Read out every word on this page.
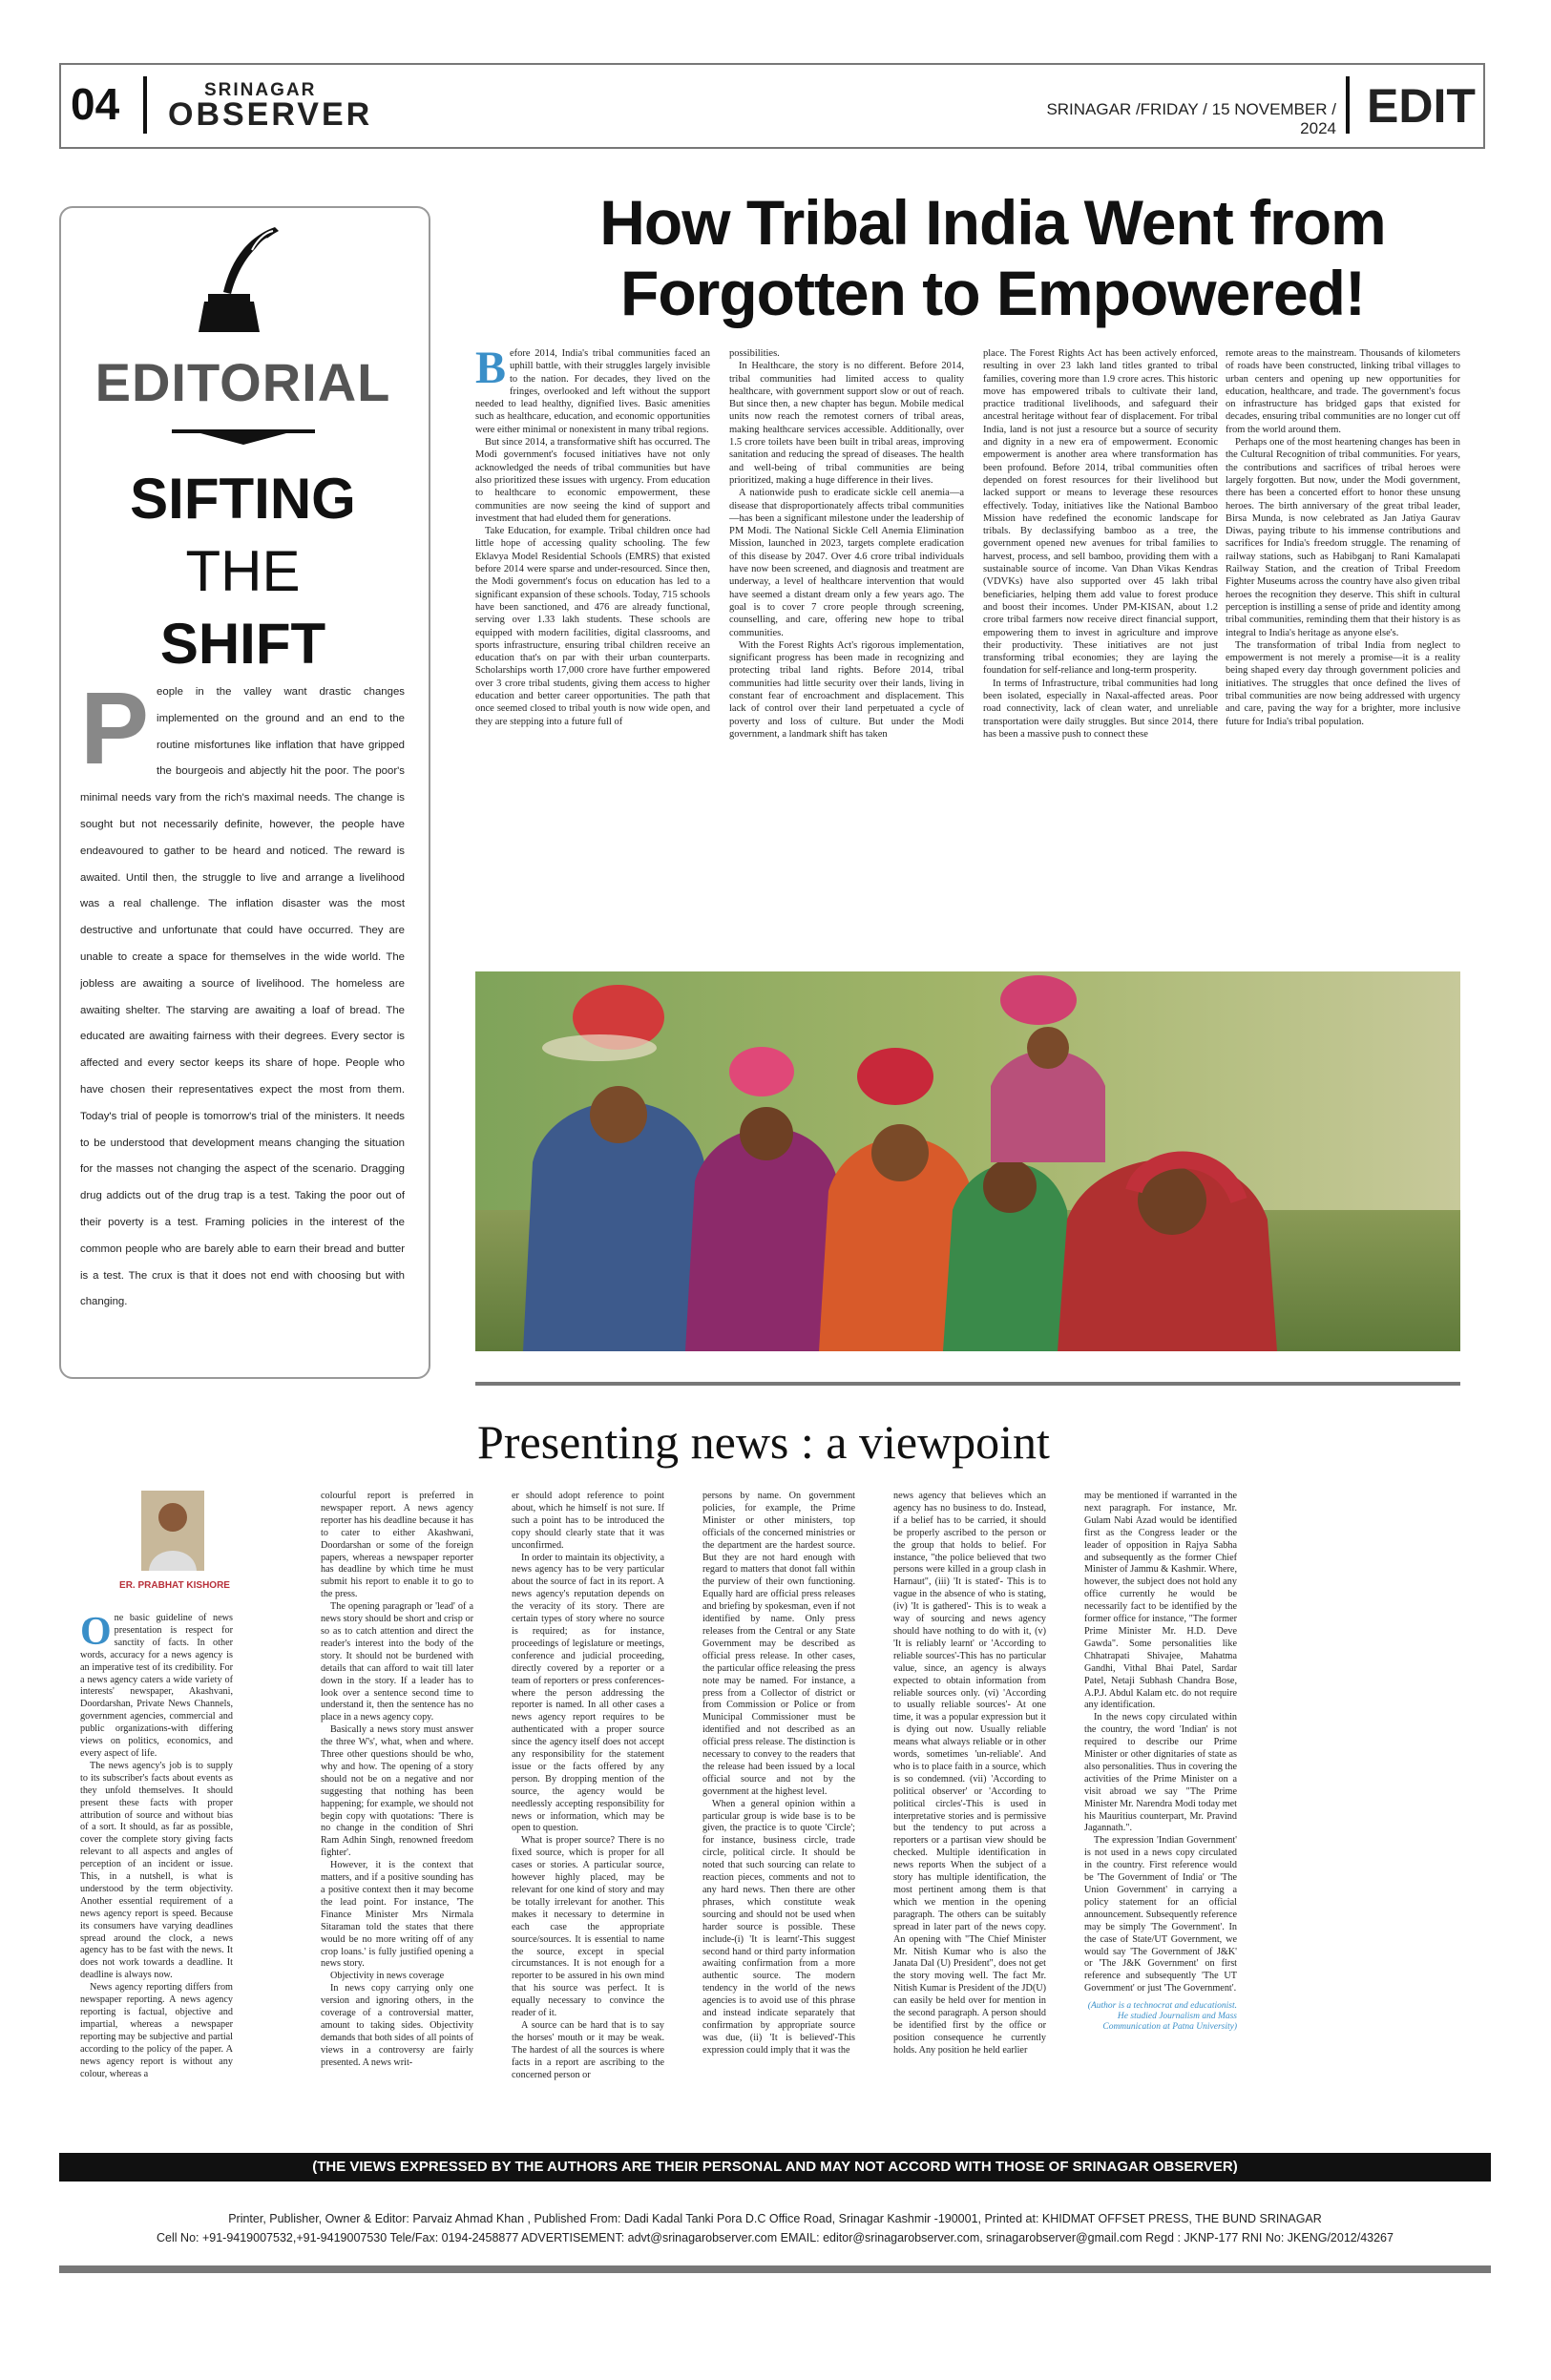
04	SRINAGAR
OBSERVER	SRINAGAR /FRIDAY / 15 NOVEMBER / 2024 EDIT
EDITORIAL
SIFTING
THE
SHIFT
People in the valley want drastic changes implemented on the ground and an end to the routine misfortunes like inflation that have gripped the bourgeois and abjectly hit the poor. The poor's minimal needs vary from the rich's maximal needs. The change is sought but not necessarily definite, however, the people have endeavoured to gather to be heard and noticed. The reward is awaited. Until then, the struggle to live and arrange a livelihood was a real challenge. The inflation disaster was the most destructive and unfortunate that could have occurred. They are unable to create a space for themselves in the wide world. The jobless are awaiting a source of livelihood. The homeless are awaiting shelter. The starving are awaiting a loaf of bread. The educated are awaiting fairness with their degrees. Every sector is affected and every sector keeps its share of hope. People who have chosen their representatives expect the most from them. Today's trial of people is tomorrow's trial of the ministers. It needs to be understood that development means changing the situation for the masses not changing the aspect of the scenario. Dragging drug addicts out of the drug trap is a test. Taking the poor out of their poverty is a test. Framing policies in the interest of the common people who are barely able to earn their bread and butter is a test. The crux is that it does not end with choosing but with changing.
How Tribal India Went from
Forgotten to Empowered!

Before 2014, India's tribal communities faced an uphill battle, with their struggles largely invisible to the nation. For decades, they lived on the fringes, overlooked and left without the support needed to lead healthy, dignified lives. Basic amenities such as healthcare, education, and economic opportunities were either minimal or nonexistent in many tribal regions.

But since 2014, a transformative shift has occurred. The Modi government's focused initiatives have not only acknowledged the needs of tribal communities but have also prioritized these issues with urgency. From education to healthcare to economic empowerment, these communities are now seeing the kind of support and investment that had eluded them for generations.

Take Education, for example. Tribal children once had little hope of accessing quality schooling. The few Eklavya Model Residential Schools (EMRS) that existed before 2014 were sparse and under-resourced. Since then, the Modi government's focus on education has led to a significant expansion of these schools. Today, 715 schools have been sanctioned, and 476 are already functional, serving over 1.33 lakh students. These schools are equipped with modern facilities, digital classrooms, and sports infrastructure, ensuring tribal children receive an education that's on par with their urban counterparts. Scholarships worth 17,000 crore have further empowered over 3 crore tribal students, giving them access to higher education and better career opportunities. The path that once seemed closed to tribal youth is now wide open, and they are stepping into a future full of

possibilities.

In Healthcare, the story is no different. Before 2014, tribal communities had limited access to quality healthcare, with government support slow or out of reach. But since then, a new chapter has begun. Mobile medical units now reach the remotest corners of tribal areas, making healthcare services accessible. Additionally, over 1.5 crore toilets have been built in tribal areas, improving sanitation and reducing the spread of diseases. The health and well-being of tribal communities are being prioritized, making a huge difference in their lives.

A nationwide push to eradicate sickle cell anemia—a disease that disproportionately affects tribal communities—has been a significant milestone under the leadership of PM Modi. The National Sickle Cell Anemia Elimination Mission, launched in 2023, targets complete eradication of this disease by 2047. Over 4.6 crore tribal individuals have now been screened, and diagnosis and treatment are underway, a level of healthcare intervention that would have seemed a distant dream only a few years ago. The goal is to cover 7 crore people through screening, counselling, and care, offering new hope to tribal communities.

With the Forest Rights Act's rigorous implementation, significant progress has been made in recognizing and protecting tribal land rights. Before 2014, tribal communities had little security over their lands, living in constant fear of encroachment and displacement. This lack of control over their land perpetuated a cycle of poverty and loss of culture. But under the Modi government, a landmark shift has taken

place. The Forest Rights Act has been actively enforced, resulting in over 23 lakh land titles granted to tribal families, covering more than 1.9 crore acres. This historic move has empowered tribals to cultivate their land, practice traditional livelihoods, and safeguard their ancestral heritage without fear of displacement. For tribal India, land is not just a resource but a source of security and dignity in a new era of empowerment. Economic empowerment is another area where transformation has been profound. Before 2014, tribal communities often depended on forest resources for their livelihood but lacked support or means to leverage these resources effectively. Today, initiatives like the National Bamboo Mission have redefined the economic landscape for tribals. By declassifying bamboo as a tree, the government opened new avenues for tribal families to harvest, process, and sell bamboo, providing them with a sustainable source of income. Van Dhan Vikas Kendras (VDVKs) have also supported over 45 lakh tribal beneficiaries, helping them add value to forest produce and boost their incomes. Under PM-KISAN, about 1.2 crore tribal farmers now receive direct financial support, empowering them to invest in agriculture and improve their productivity. These initiatives are not just transforming tribal economies; they are laying the foundation for self-reliance and long-term prosperity.

In terms of Infrastructure, tribal communities had long been isolated, especially in Naxal-affected areas. Poor road connectivity, lack of clean water, and unreliable transportation were daily struggles. But since 2014, there has been a massive push to connect these

remote areas to the mainstream. Thousands of kilometers of roads have been constructed, linking tribal villages to urban centers and opening up new opportunities for education, healthcare, and trade. The government's focus on infrastructure has bridged gaps that existed for decades, ensuring tribal communities are no longer cut off from the world around them.

Perhaps one of the most heartening changes has been in the Cultural Recognition of tribal communities. For years, the contributions and sacrifices of tribal heroes were largely forgotten. But now, under the Modi government, there has been a concerted effort to honor these unsung heroes. The birth anniversary of the great tribal leader, Birsa Munda, is now celebrated as Jan Jatiya Gaurav Diwas, paying tribute to his immense contributions and sacrifices for India's freedom struggle. The renaming of railway stations, such as Habibganj to Rani Kamalapati Railway Station, and the creation of Tribal Freedom Fighter Museums across the country have also given tribal heroes the recognition they deserve. This shift in cultural perception is instilling a sense of pride and identity among tribal communities, reminding them that their history is as integral to India's heritage as anyone else's.

The transformation of tribal India from neglect to empowerment is not merely a promise—it is a reality being shaped every day through government policies and initiatives. The struggles that once defined the lives of tribal communities are now being addressed with urgency and care, paving the way for a brighter, more inclusive future for India's tribal population.

Presenting news : a viewpoint
ER. PRABHAT KISHORE

One basic guideline of news presentation is respect for sanctity of facts. In other words, accuracy for a news agency is an imperative test of its credibility. For a news agency caters a wide variety of interests' newspaper, Akashvani, Doordarshan, Private News Channels, government agencies, commercial and public organizations-with differing views on politics, economics, and every aspect of life.

The news agency's job is to supply to its subscriber's facts about events as they unfold themselves. It should present these facts with proper attribution of source and without bias of a sort. It should, as far as possible, cover the complete story giving facts relevant to all aspects and angles of perception of an incident or issue. This, in a nutshell, is what is understood by the term objectivity. Another essential requirement of a news agency report is speed. Because its consumers have varying deadlines spread around the clock, a news agency has to be fast with the news. It does not work towards a deadline. It deadline is always now.

News agency reporting differs from newspaper reporting. A news agency reporting is factual, objective and impartial, whereas a newspaper reporting may be subjective and partial according to the policy of the paper. A news agency report is without any colour, whereas a

colourful report is preferred in newspaper report. A news agency reporter has his deadline because it has to cater to either Akashwani, Doordarshan or some of the foreign papers, whereas a newspaper reporter has deadline by which time he must submit his report to enable it to go to the press.

The opening paragraph or 'lead' of a news story should be short and crisp or so as to catch attention and direct the reader's interest into the body of the story. It should not be burdened with details that can afford to wait till later down in the story. If a leader has to look over a sentence second time to understand it, then the sentence has no place in a news agency copy.

Basically a news story must answer the three W's', what, when and where. Three other questions should be who, why and how. The opening of a story should not be on a negative and nor suggesting that nothing has been happening; for example, we should not begin copy with quotations: 'There is no change in the condition of Shri Ram Adhin Singh, renowned freedom fighter'.

However, it is the context that matters, and if a positive sounding has a positive context then it may become the lead point. For instance, 'The Finance Minister Mrs Nirmala Sitaraman told the states that there would be no more writing off of any crop loans.' is fully justified opening a news story.

Objectivity in news coverage

In news copy carrying only one version and ignoring others, in the coverage of a controversial matter, amount to taking sides. Objectivity demands that both sides of all points of views in a controversy are fairly presented. A news writ-

er should adopt reference to point about, which he himself is not sure. If such a point has to be introduced the copy should clearly state that it was unconfirmed.

In order to maintain its objectivity, a news agency has to be very particular about the source of fact in its report. A news agency's reputation depends on the veracity of its story. There are certain types of story where no source is required; as for instance, proceedings of legislature or meetings, conference and judicial proceeding, directly covered by a reporter or a team of reporters or press conferences-where the person addressing the reporter is named. In all other cases a news agency report requires to be authenticated with a proper source since the agency itself does not accept any responsibility for the statement issue or the facts offered by any person. By dropping mention of the source, the agency would be needlessly accepting responsibility for news or information, which may be open to question.

What is proper source? There is no fixed source, which is proper for all cases or stories. A particular source, however highly placed, may be relevant for one kind of story and may be totally irrelevant for another. This makes it necessary to determine in each case the appropriate source/sources. It is essential to name the source, except in special circumstances. It is not enough for a reporter to be assured in his own mind that his source was perfect. It is equally necessary to convince the reader of it.

A source can be hard that is to say the horses' mouth or it may be weak. The hardest of all the sources is where facts in a report are ascribing to the concerned person or

persons by name. On government policies, for example, the Prime Minister or other ministers, top officials of the concerned ministries or the department are the hardest source. But they are not hard enough with regard to matters that donot fall within the purview of their own functioning. Equally hard are official press releases and briefing by spokesman, even if not identified by name. Only press releases from the Central or any State Government may be described as official press release. In other cases, the particular office releasing the press note may be named. For instance, a press from a Collector of district or from Commission or Police or from Municipal Commissioner must be identified and not described as an official press release. The distinction is necessary to convey to the readers that the release had been issued by a local official source and not by the government at the highest level.

When a general opinion within a particular group is wide base is to be given, the practice is to quote 'Circle'; for instance, business circle, trade circle, political circle. It should be noted that such sourcing can relate to reaction pieces, comments and not to any hard news. Then there are other phrases, which constitute weak sourcing and should not be used when harder source is possible. These include-(i) 'It is learnt'-This suggest second hand or third party information awaiting confirmation from a more authentic source. The modern tendency in the world of the news agencies is to avoid use of this phrase and instead indicate separately that confirmation by appropriate source was due, (ii) 'It is believed'-This expression could imply that it was the

news agency that believes which an agency has no business to do. Instead, if a belief has to be carried, it should be properly ascribed to the person or the group that holds to belief. For instance, "the police believed that two persons were killed in a group clash in Harnaut", (iii) 'It is stated'- This is to vague in the absence of who is stating, (iv) 'It is gathered'- This is to weak a way of sourcing and news agency should have nothing to do with it, (v) 'It is reliably learnt' or 'According to reliable sources'-This has no particular value, since, an agency is always expected to obtain information from reliable sources only. (vi) 'According to usually reliable sources'- At one time, it was a popular expression but it is dying out now. Usually reliable means what always reliable or in other words, sometimes 'un-reliable'. And who is to place faith in a source, which is so condemned. (vii) 'According to political observer' or 'According to political circles'-This is used in interpretative stories and is permissive but the tendency to put across a reporters or a partisan view should be checked. Multiple identification in news reports When the subject of a story has multiple identification, the most pertinent among them is that which we mention in the opening paragraph. The others can be suitably spread in later part of the news copy. An opening with "The Chief Minister Mr. Nitish Kumar who is also the Janata Dal (U) President", does not get the story moving well. The fact Mr. Nitish Kumar is President of the JD(U) can easily be held over for mention in the second paragraph. A person should be identified first by the office or position consequence he currently holds. Any position he held earlier

may be mentioned if warranted in the next paragraph. For instance, Mr. Gulam Nabi Azad would be identified first as the Congress leader or the leader of opposition in Rajya Sabha and subsequently as the former Chief Minister of Jammu & Kashmir. Where, however, the subject does not hold any office currently he would be necessarily fact to be identified by the former office for instance, "The former Prime Minister Mr. H.D. Deve Gawda". Some personalities like Chhatrapati Shivajee, Mahatma Gandhi, Vithal Bhai Patel, Sardar Patel, Netaji Subhash Chandra Bose, A.P.J. Abdul Kalam etc. do not require any identification.

In the news copy circulated within the country, the word 'Indian' is not required to describe our Prime Minister or other dignitaries of state as also personalities. Thus in covering the activities of the Prime Minister on a visit abroad we say "The Prime Minister Mr. Narendra Modi today met his Mauritius counterpart, Mr. Pravind Jagannath.".

The expression 'Indian Government' is not used in a news copy circulated in the country. First reference would be 'The Government of India' or 'The Union Government' in carrying a policy statement for an official announcement. Subsequently reference may be simply 'The Government'. In the case of State/UT Government, we would say 'The Government of J&K' or 'The J&K Government' on first reference and subsequently 'The UT Government' or just 'The Government'.

(Author is a technocrat and educationist. He studied Journalism and Mass Communication at Patna University)
(THE VIEWS EXPRESSED BY THE AUTHORS ARE THEIR PERSONAL AND MAY NOT ACCORD WITH THOSE OF SRINAGAR OBSERVER)
Printer, Publisher, Owner & Editor: Parvaiz Ahmad Khan , Published From: Dadi Kadal Tanki Pora D.C Office Road, Srinagar Kashmir -190001, Printed at: KHIDMAT OFFSET PRESS, THE BUND SRINAGAR
Cell No: +91-9419007532,+91-9419007530 Tele/Fax: 0194-2458877 ADVERTISEMENT: advt@srinagarobserver.com EMAIL: editor@srinagarobserver.com, srinagarobserver@gmail.com Regd : JKNP-177 RNI No: JKENG/2012/43267
